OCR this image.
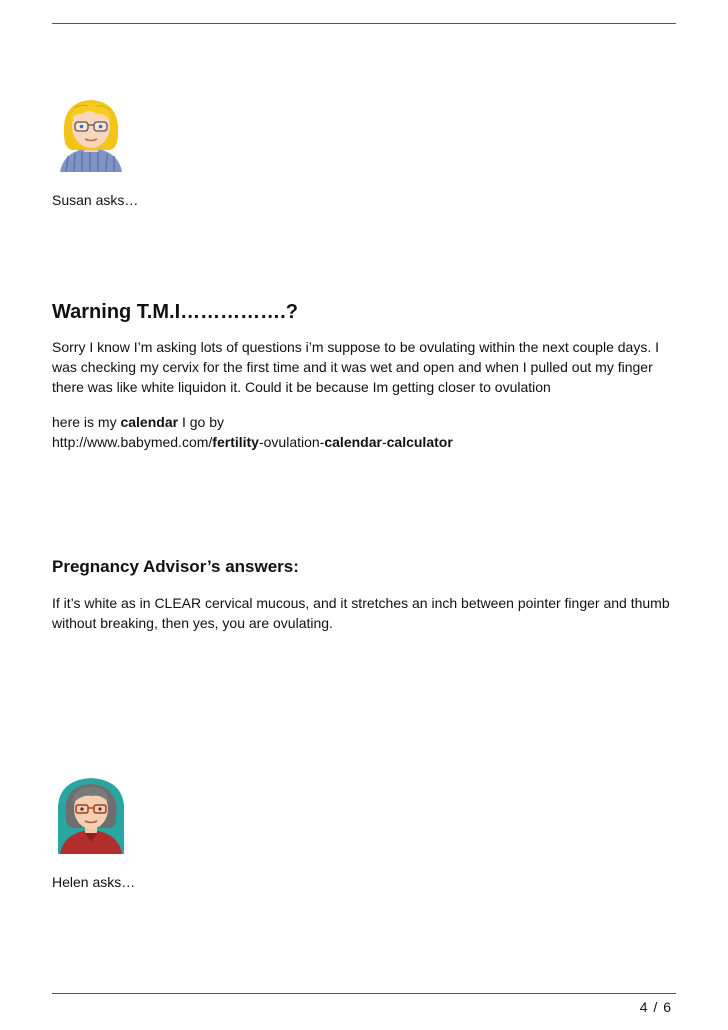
Susan asks…

Warning T.M.I…………….?

Sorry I know I’m asking lots of questions i’m suppose to be ovulating within the next couple days. I was checking my cervix for the first time and it was wet and open and when I pulled out my finger there was like white liquidon it. Could it be because Im getting closer to ovulation

here is my calendar I go by
http://www.babymed.com/fertility-ovulation-calendar-calculator

Pregnancy Advisor’s answers:

If it’s white as in CLEAR cervical mucous, and it stretches an inch between pointer finger and thumb without breaking, then yes, you are ovulating.

Helen asks…

4 / 6
